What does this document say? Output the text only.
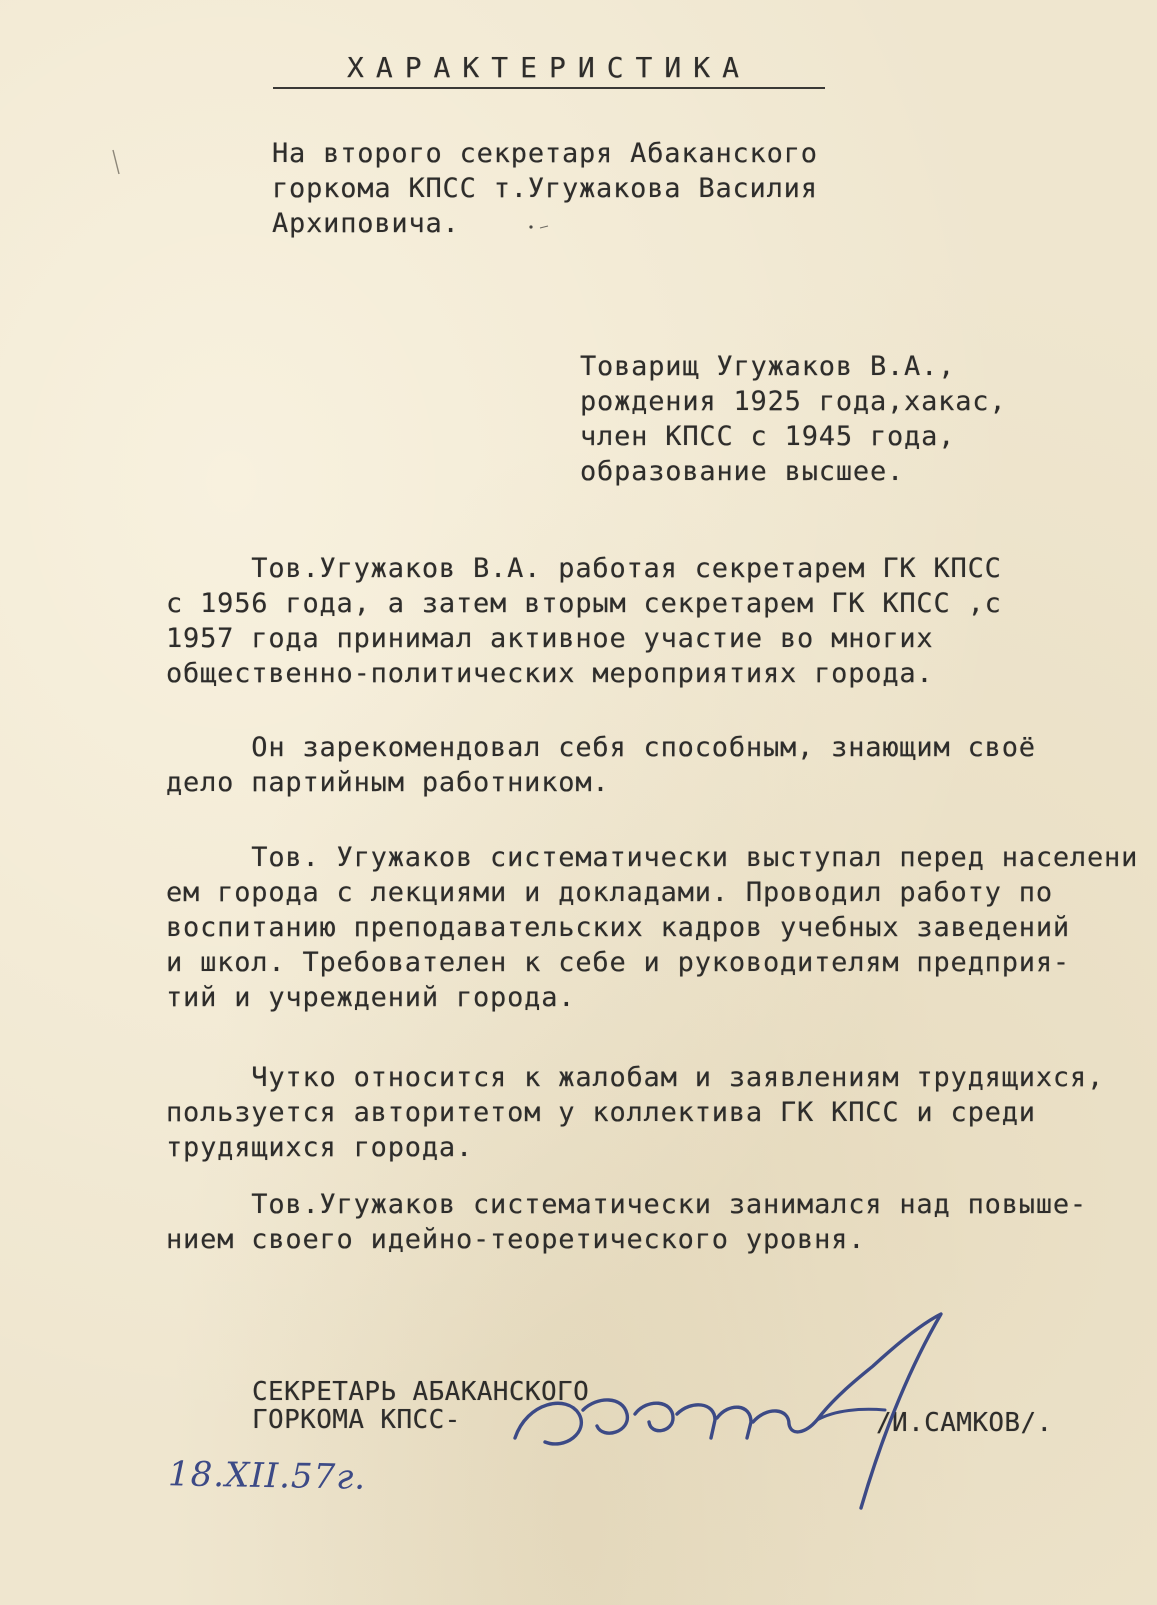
ХАРАКТЕРИСТИКА
На второго секретаря Абаканского
горкома КПСС т.Угужакова Василия
Архиповича.
Товарищ Угужаков В.А.,
рождения 1925 года,хакас,
член КПСС с 1945 года,
образование высшее.
Тов.Угужаков В.А. работая секретарем ГК КПСС
с 1956 года, а затем вторым секретарем ГК КПСС ,с
1957 года принимал активное участие во многих
общественно-политических мероприятиях города.
Он зарекомендовал себя способным, знающим своё
дело партийным работником.
Тов. Угужаков систематически выступал перед населени
ем города с лекциями и докладами. Проводил работу по
воспитанию преподавательских кадров учебных заведений
и школ. Требователен к себе и руководителям предприя-
тий и учреждений города.
Чутко относится к жалобам и заявлениям трудящихся,
пользуется авторитетом у коллектива ГК КПСС и среди
трудящихся города.
Тов.Угужаков систематически занимался над повыше-
нием своего идейно-теоретического уровня.
СЕКРЕТАРЬ АБАКАНСКОГО
ГОРКОМА КПСС-	/И.САМКОВ/.
18.XII.57г.
